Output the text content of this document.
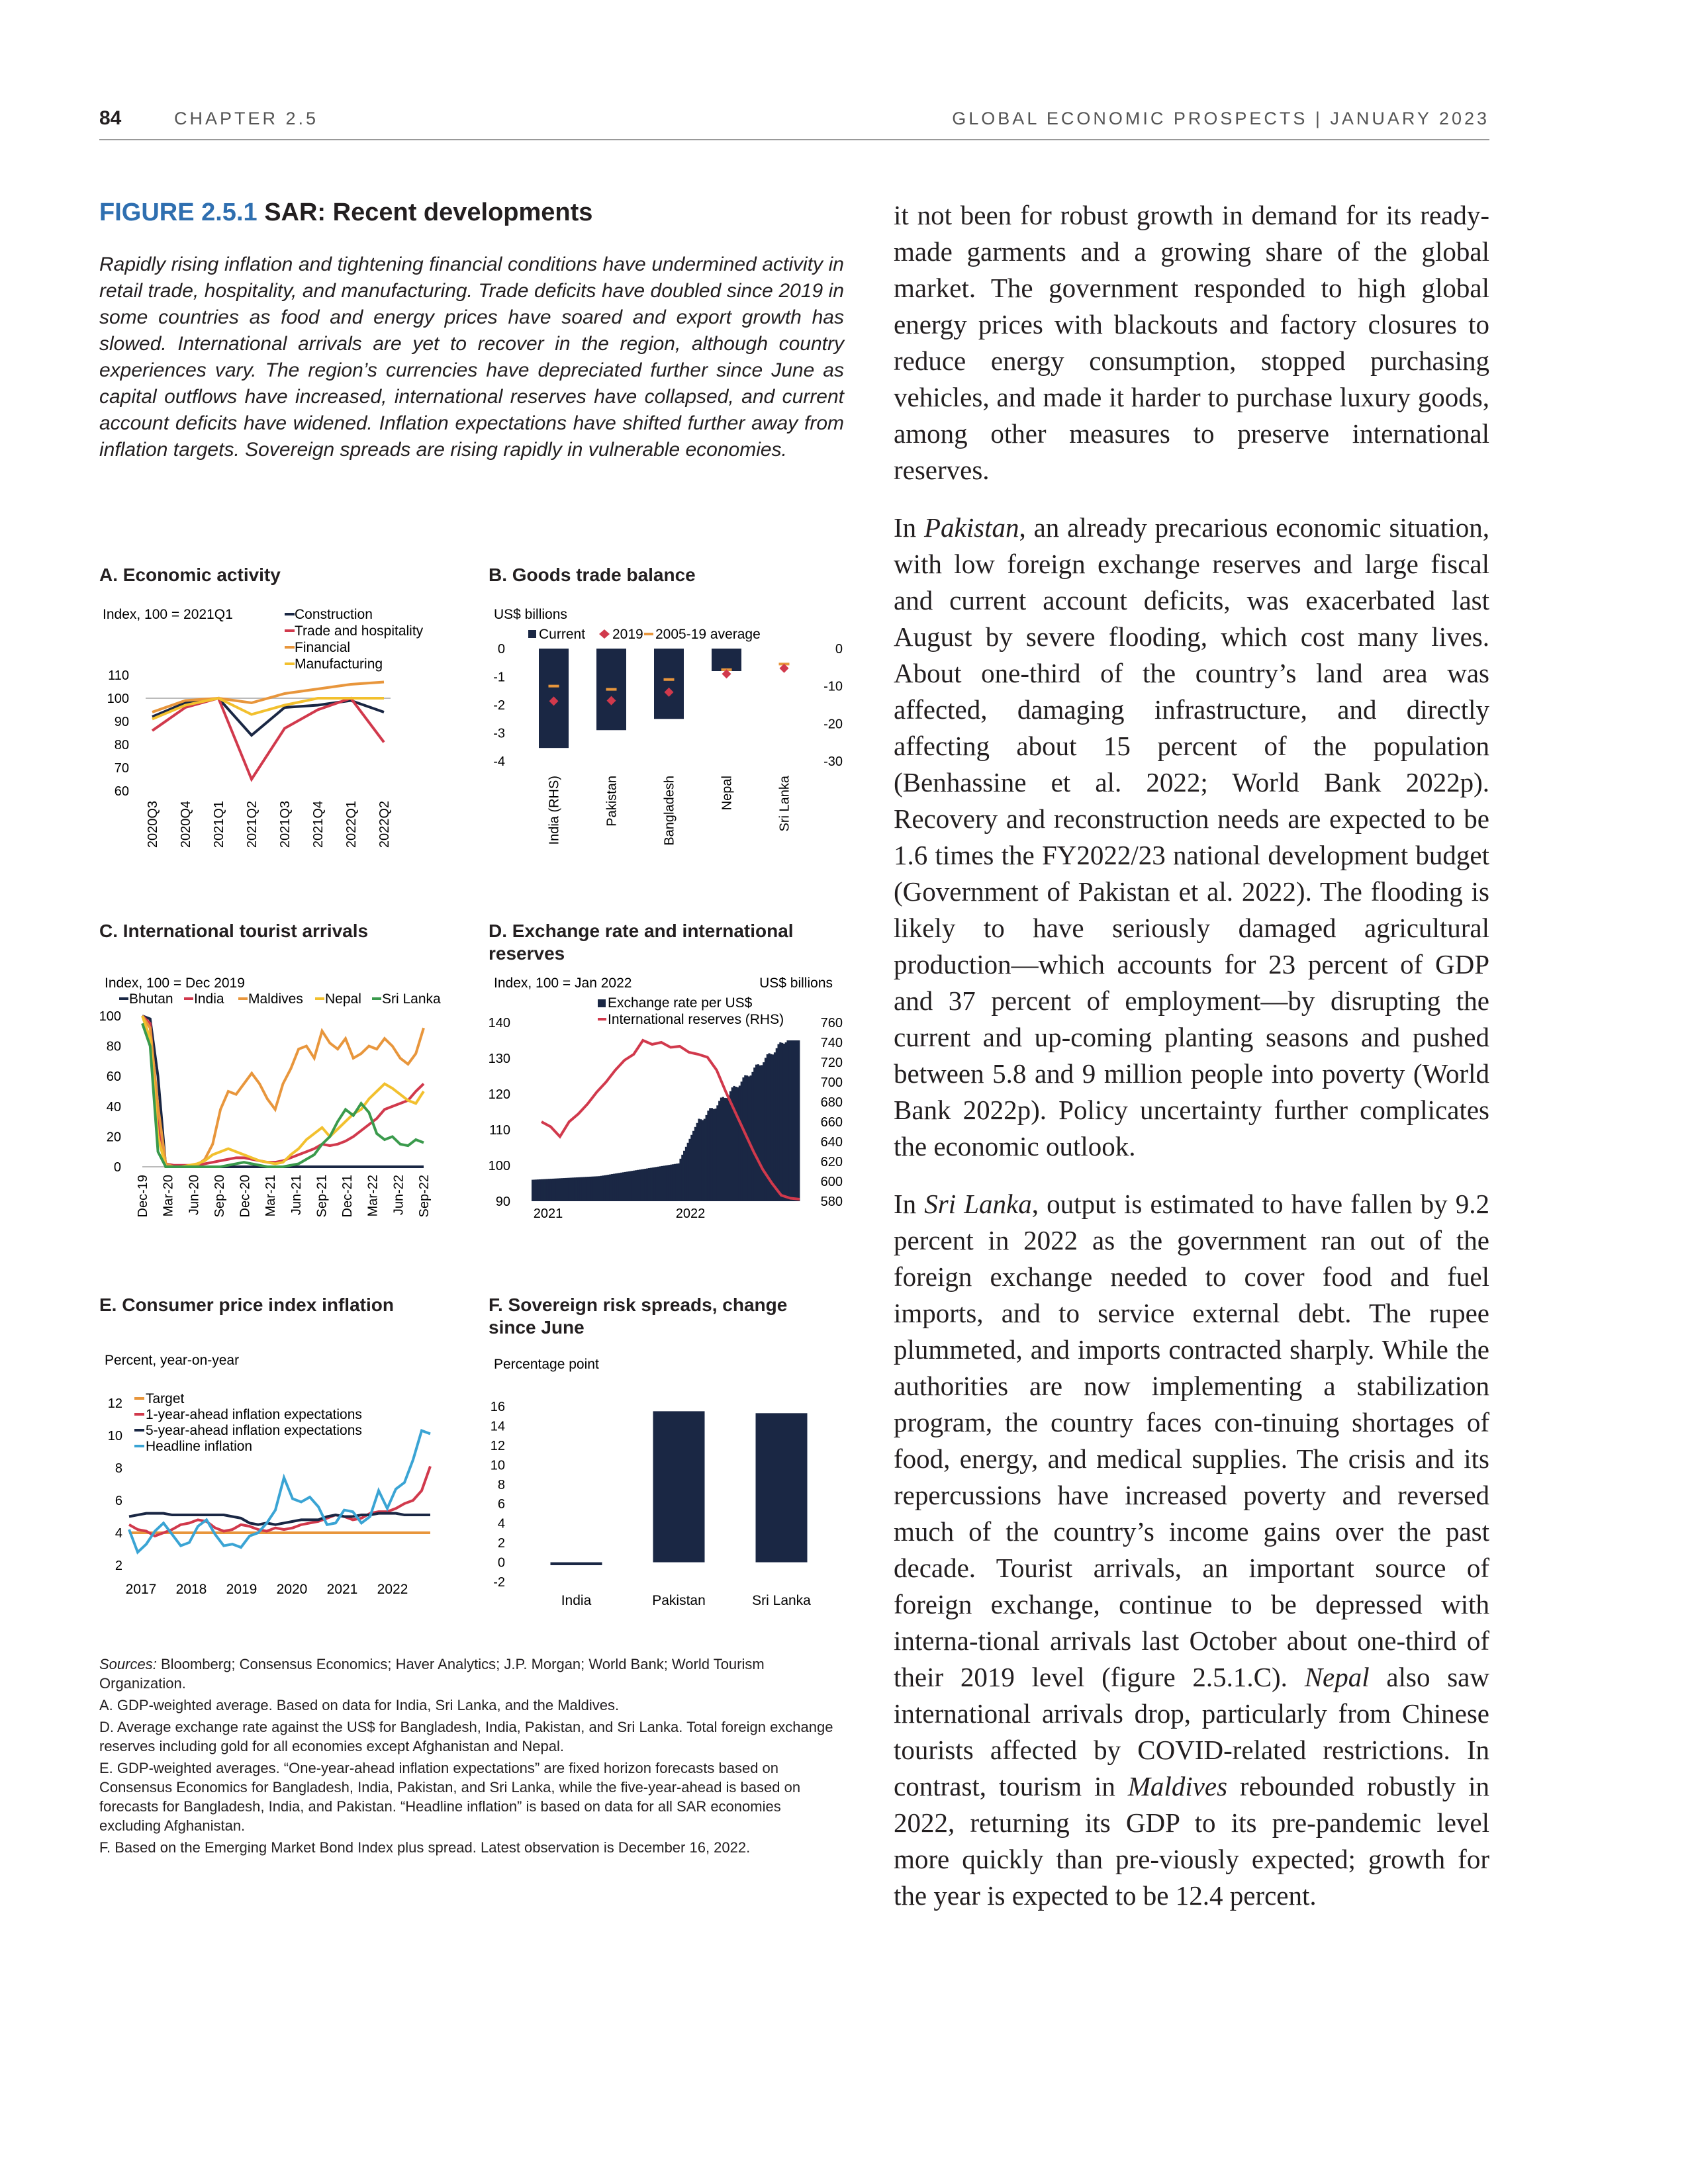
84	CHAPTER 2.5	GLOBAL ECONOMIC PROSPECTS | JANUARY 2023
FIGURE 2.5.1 SAR: Recent developments
Rapidly rising inflation and tightening financial conditions have undermined activity in retail trade, hospitality, and manufacturing. Trade deficits have doubled since 2019 in some countries as food and energy prices have soared and export growth has slowed. International arrivals are yet to recover in the region, although country experiences vary. The region’s currencies have depreciated further since June as capital outflows have increased, international reserves have collapsed, and current account deficits have widened. Inflation expectations have shifted further away from inflation targets. Sovereign spreads are rising rapidly in vulnerable economies.
A. Economic activity	B. Goods trade balance
C. International tourist arrivals	D. Exchange rate and international
reserves
E. Consumer price index inflation	F. Sovereign risk spreads, change
since June
Index, 100 = 2021Q1
60
70
80
90
100
110
2020Q3 2020Q4 2021Q1 2021Q2 2021Q3 2021Q4 2022Q1 2022Q2
Construction
Trade and hospitality
Financial
Manufacturing
US$ billions
Current 2019 2005-19 average
0
-1
-2
-3
-4
0
-10
-20
-30
India (RHS)	Pakistan	Bangladesh	Nepal	Sri Lanka
Index, 100 = Dec 2019
Bhutan India Maldives Nepal Sri Lanka
0
20
40
60
80
100
Dec-19 Mar-20 Jun-20 Sep-20 Dec-20 Mar-21 Jun-21 Sep-21 Dec-21 Mar-22 Jun-22 Sep-22
Index, 100 = Jan 2022	US$ billions
Exchange rate per US$
International reserves (RHS)
90
100
110
120
130
140
580
600
620
640
660
680
700
720
740
760
2021	2022
Percent, year-on-year
Target
1-year-ahead inflation expectations
5-year-ahead inflation expectations
Headline inflation
2
4
6
8
10
12
2017 2018 2019 2020 2021 2022
Percentage point
-2
0
2
4
6
8
10
12
14
16
India	Pakistan	Sri Lanka

Sources: Bloomberg; Consensus Economics; Haver Analytics; J.P. Morgan; World Bank; World Tourism Organization.

A. GDP-weighted average. Based on data for India, Sri Lanka, and the Maldives.

D. Average exchange rate against the US$ for Bangladesh, India, Pakistan, and Sri Lanka. Total foreign exchange reserves including gold for all economies except Afghanistan and Nepal.

E. GDP-weighted averages. “One-year-ahead inflation expectations” are fixed horizon forecasts based on Consensus Economics for Bangladesh, India, Pakistan, and Sri Lanka, while the five-year-ahead is based on forecasts for Bangladesh, India, and Pakistan. “Headline inflation” is based on data for all SAR economies excluding Afghanistan.

F. Based on the Emerging Market Bond Index plus spread. Latest observation is December 16, 2022.

it not been for robust growth in demand for its ready-made garments and a growing share of the global market. The government responded to high global energy prices with blackouts and factory closures to reduce energy consumption, stopped purchasing vehicles, and made it harder to purchase luxury goods, among other measures to preserve international reserves.

In Pakistan, an already precarious economic situation, with low foreign exchange reserves and large fiscal and current account deficits, was exacerbated last August by severe flooding, which cost many lives. About one-third of the country’s land area was affected, damaging infrastructure, and directly affecting about 15 percent of the population (Benhassine et al. 2022; World Bank 2022p). Recovery and reconstruction needs are expected to be 1.6 times the FY2022/23 national development budget (Government of Pakistan et al. 2022). The flooding is likely to have seriously damaged agricultural production—which accounts for 23 percent of GDP and 37 percent of employment—by disrupting the current and up-coming planting seasons and pushed between 5.8 and 9 million people into poverty (World Bank 2022p). Policy uncertainty further complicates the economic outlook.

In Sri Lanka, output is estimated to have fallen by 9.2 percent in 2022 as the government ran out of the foreign exchange needed to cover food and fuel imports, and to service external debt. The rupee plummeted, and imports contracted sharply. While the authorities are now implementing a stabilization program, the country faces con-tinuing shortages of food, energy, and medical supplies. The crisis and its repercussions have increased poverty and reversed much of the country’s income gains over the past decade. Tourist arrivals, an important source of foreign exchange, continue to be depressed with interna-tional arrivals last October about one-third of their 2019 level (figure 2.5.1.C). Nepal also saw international arrivals drop, particularly from Chinese tourists affected by COVID-related restrictions. In contrast, tourism in Maldives rebounded robustly in 2022, returning its GDP to its pre-pandemic level more quickly than pre-viously expected; growth for the year is expected to be 12.4 percent.
